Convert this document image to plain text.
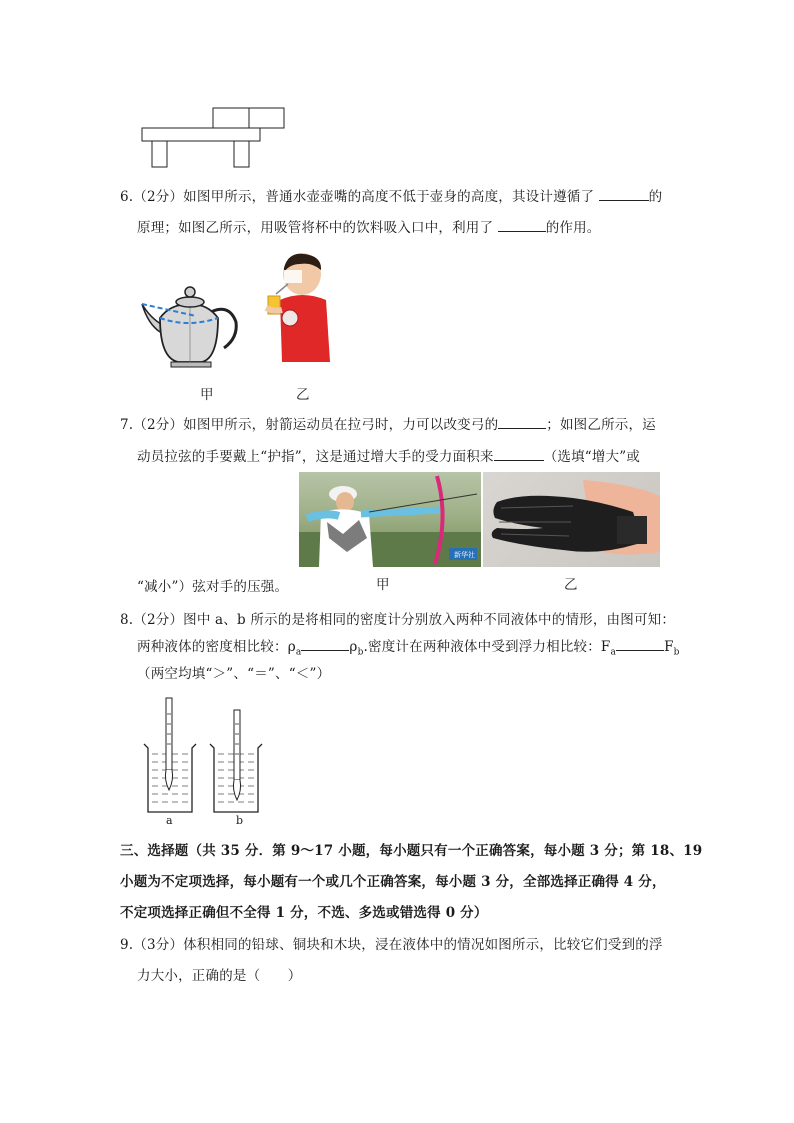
6.（2分）如图甲所示，普通水壶壶嘴的高度不低于壶身的高度，其设计遵循了	的
原理；如图乙所示，用吸管将杯中的饮料吸入口中，利用了	的作用。
甲	乙
7.（2分）如图甲所示，射箭运动员在拉弓时，力可以改变弓的	；如图乙所示，运
动员拉弦的手要戴上“护指”，这是通过增大手的受力面积来	（选填“增大”或
新华社
甲	乙
“减小”）弦对手的压强。
8.（2分）图中 a、b 所示的是将相同的密度计分别放入两种不同液体中的情形，由图可知：
两种液体的密度相比较：$\rho_a$	$\rho_b$.密度计在两种液体中受到浮力相比较：$F_a$	$F_b$
（两空均填“＞”、“＝”、“＜”）
a	b
三、选择题（共 35 分．第 9～17 小题，每小题只有一个正确答案，每小题 3 分；第 18、19
小题为不定项选择，每小题有一个或几个正确答案，每小题 3 分，全部选择正确得 4 分，
不定项选择正确但不全得 1 分，不选、多选或错选得 0 分）
9.（3分）体积相同的铅球、铜块和木块，浸在液体中的情况如图所示，比较它们受到的浮
力大小，正确的是（　　）
